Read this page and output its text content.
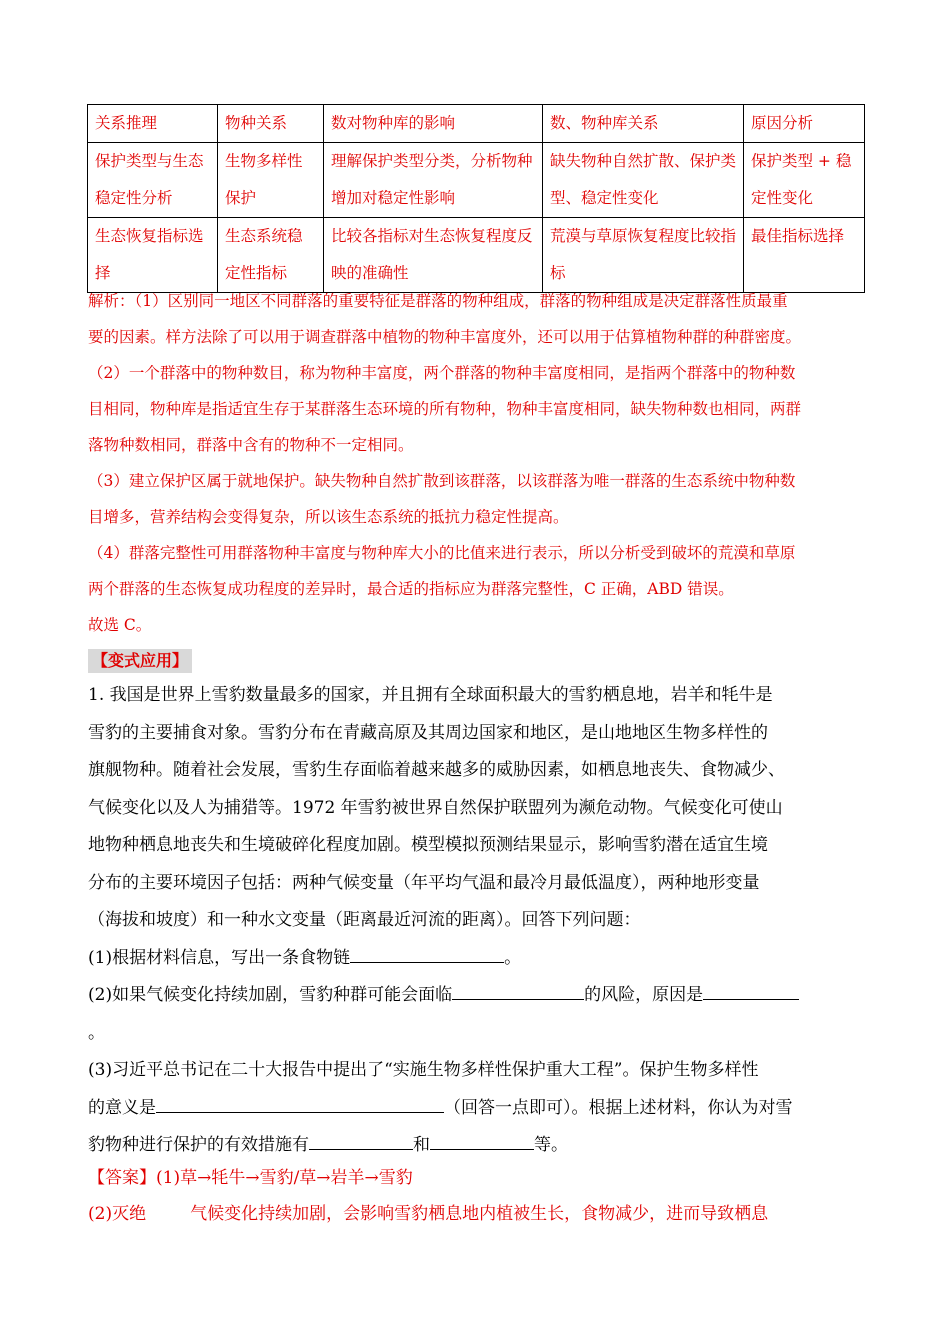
关系推理	物种关系	数对物种库的影响	数、物种库关系	原因分析
保护类型与生态稳定性分析	生物多样性保护	理解保护类型分类，分析物种增加对稳定性影响	缺失物种自然扩散、保护类型、稳定性变化	保护类型 + 稳定性变化
生态恢复指标选择	生态系统稳定性指标	比较各指标对生态恢复程度反映的准确性	荒漠与草原恢复程度比较指标	最佳指标选择
解析：（1）区别同一地区不同群落的重要特征是群落的物种组成，群落的物种组成是决定群落性质最重
要的因素。样方法除了可以用于调查群落中植物的物种丰富度外，还可以用于估算植物种群的种群密度。
（2）一个群落中的物种数目，称为物种丰富度，两个群落的物种丰富度相同，是指两个群落中的物种数
目相同，物种库是指适宜生存于某群落生态环境的所有物种，物种丰富度相同，缺失物种数也相同，两群
落物种数相同，群落中含有的物种不一定相同。
（3）建立保护区属于就地保护。缺失物种自然扩散到该群落，以该群落为唯一群落的生态系统中物种数
目增多，营养结构会变得复杂，所以该生态系统的抵抗力稳定性提高。
（4）群落完整性可用群落物种丰富度与物种库大小的比值来进行表示，所以分析受到破坏的荒漠和草原
两个群落的生态恢复成功程度的差异时，最合适的指标应为群落完整性，C 正确，ABD 错误。
故选 C。
【变式应用】
1. 我国是世界上雪豹数量最多的国家，并且拥有全球面积最大的雪豹栖息地，岩羊和牦牛是
雪豹的主要捕食对象。雪豹分布在青藏高原及其周边国家和地区，是山地地区生物多样性的
旗舰物种。随着社会发展，雪豹生存面临着越来越多的威胁因素，如栖息地丧失、食物减少、
气候变化以及人为捕猎等。1972 年雪豹被世界自然保护联盟列为濒危动物。气候变化可使山
地物种栖息地丧失和生境破碎化程度加剧。模型模拟预测结果显示，影响雪豹潜在适宜生境
分布的主要环境因子包括：两种气候变量（年平均气温和最冷月最低温度），两种地形变量
（海拔和坡度）和一种水文变量（距离最近河流的距离）。回答下列问题：
(1)根据材料信息，写出一条食物链	。
(2)如果气候变化持续加剧，雪豹种群可能会面临	的风险，原因是
。
(3)习近平总书记在二十大报告中提出了“实施生物多样性保护重大工程”。保护生物多样性
的意义是	（回答一点即可）。根据上述材料，你认为对雪
豹物种进行保护的有效措施有	和	等。
【答案】(1)草→牦牛→雪豹/草→岩羊→雪豹
(2)灭绝	气候变化持续加剧，会影响雪豹栖息地内植被生长，食物减少，进而导致栖息
